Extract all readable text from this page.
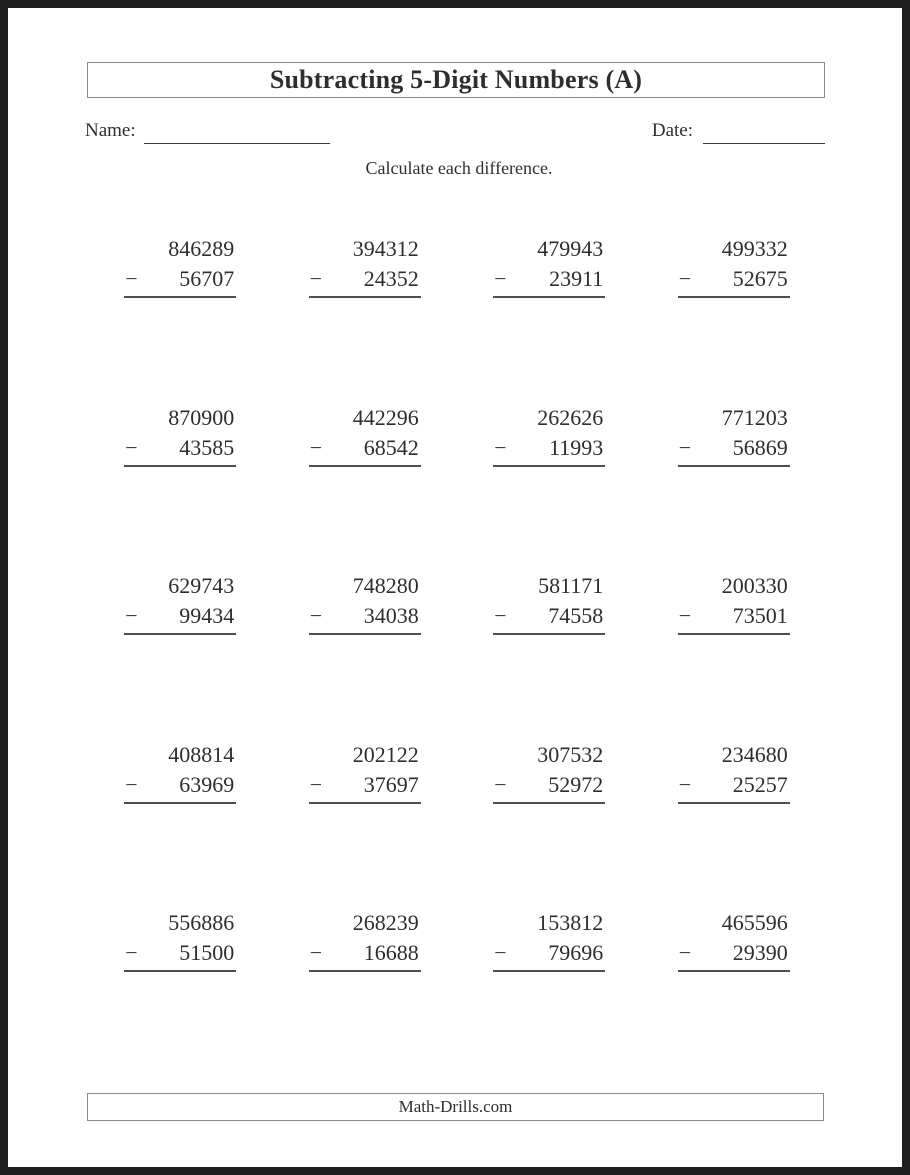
Subtracting 5-Digit Numbers (A)
Name:	Date:
Calculate each difference.
846289
− 56707
394312
− 24352
479943
− 23911
499332
− 52675
870900
− 43585
442296
− 68542
262626
− 11993
771203
− 56869
629743
− 99434
748280
− 34038
581171
− 74558
200330
− 73501
408814
− 63969
202122
− 37697
307532
− 52972
234680
− 25257
556886
− 51500
268239
− 16688
153812
− 79696
465596
− 29390
Math-Drills.com
